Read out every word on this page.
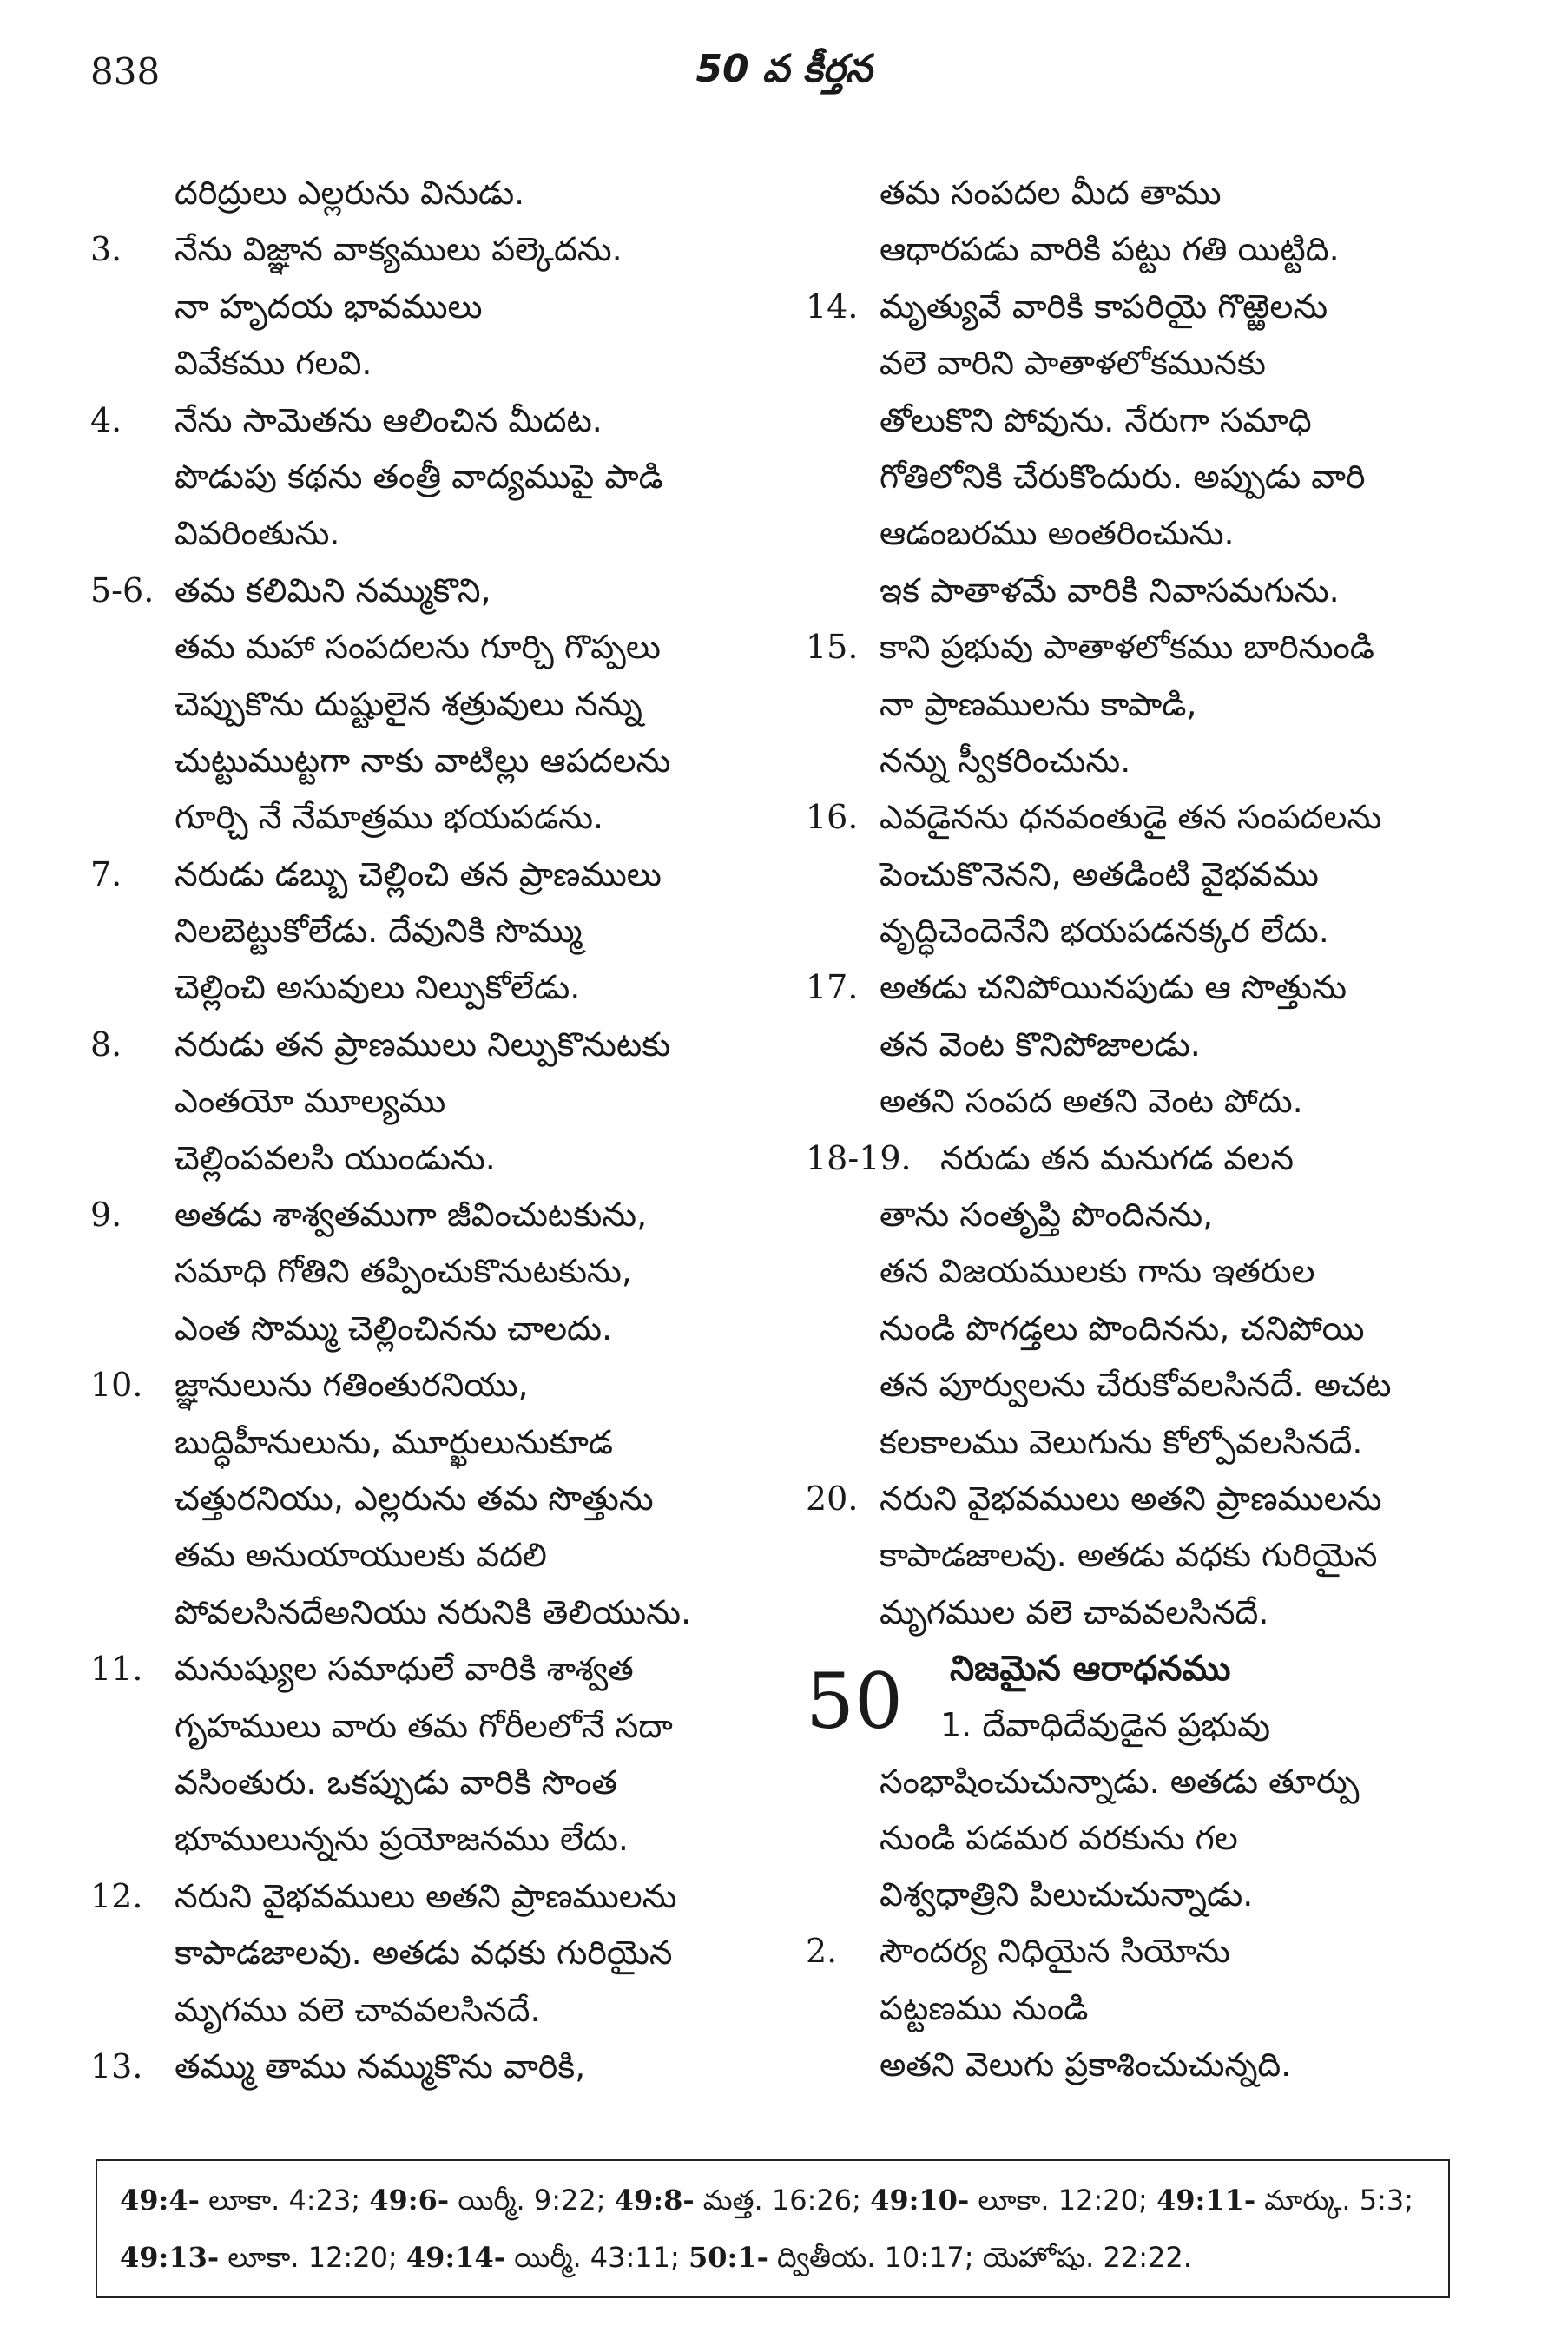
838	50 వ కీర్తన
దరిద్రులు ఎల్లరును వినుడు.
3. నేను విజ్ఞాన వాక్యములు పల్కెదను.
నా హృదయ భావములు
వివేకము గలవి.
4. నేను సామెతను ఆలించిన మీదట.
పొడుపు కథను తంత్రీ వాద్యముపై పాడి
వివరింతును.
5-6. తమ కలిమిని నమ్ముకొని,
తమ మహా సంపదలను గూర్చి గొప్పలు
చెప్పుకొను దుష్టులైన శత్రువులు నన్ను
చుట్టుముట్టగా నాకు వాటిల్లు ఆపదలను
గూర్చి నే నేమాత్రము భయపడను.
7. నరుడు డబ్బు చెల్లించి తన ప్రాణములు
నిలబెట్టుకోలేడు. దేవునికి సొమ్ము
చెల్లించి అసువులు నిల్పుకోలేడు.
8. నరుడు తన ప్రాణములు నిల్పుకొనుటకు
ఎంతయో మూల్యము
చెల్లింపవలసి యుండును.
9. అతడు శాశ్వతముగా జీవించుటకును,
సమాధి గోతిని తప్పించుకొనుటకును,
ఎంత సొమ్ము చెల్లించినను చాలదు.
10. జ్ఞానులును గతింతురనియు,
బుద్ధిహీనులును, మూర్ఖులునుకూడ
చత్తురనియు, ఎల్లరును తమ సొత్తును
తమ అనుయాయులకు వదలి
పోవలసినదేఅనియు నరునికి తెలియును.
11. మనుష్యుల సమాధులే వారికి శాశ్వత
గృహములు వారు తమ గోరీలలోనే సదా
వసింతురు. ఒకప్పుడు వారికి సొంత
భూములున్నను ప్రయోజనము లేదు.
12. నరుని వైభవములు అతని ప్రాణములను
కాపాడజాలవు. అతడు వధకు గురియైన
మృగము వలె చావవలసినదే.
13. తమ్ము తాము నమ్ముకొను వారికి,
తమ సంపదల మీద తాము
ఆధారపడు వారికి పట్టు గతి యిట్టిది.
14. మృత్యువే వారికి కాపరియై గొఱ్ఱెలను
వలె వారిని పాతాళలోకమునకు
తోలుకొని పోవును. నేరుగా సమాధి
గోతిలోనికి చేరుకొందురు. అప్పుడు వారి
ఆడంబరము అంతరించును.
ఇక పాతాళమే వారికి నివాసమగును.
15. కాని ప్రభువు పాతాళలోకము బారినుండి
నా ప్రాణములను కాపాడి,
నన్ను స్వీకరించును.
16. ఎవడైనను ధనవంతుడై తన సంపదలను
పెంచుకొనెనని, అతడింటి వైభవము
వృద్ధిచెందెనేని భయపడనక్కర లేదు.
17. అతడు చనిపోయినపుడు ఆ సొత్తును
తన వెంట కొనిపోజాలడు.
అతని సంపద అతని వెంట పోదు.
18-19. నరుడు తన మనుగడ వలన
తాను సంతృప్తి పొందినను,
తన విజయములకు గాను ఇతరుల
నుండి పొగడ్తలు పొందినను, చనిపోయి
తన పూర్వులను చేరుకోవలసినదే. అచట
కలకాలము వెలుగును కోల్పోవలసినదే.
20. నరుని వైభవములు అతని ప్రాణములను
కాపాడజాలవు. అతడు వధకు గురియైన
మృగముల వలె చావవలసినదే.
50 నిజమైన ఆరాధనము
1. దేవాధిదేవుడైన ప్రభువు
సంభాషించుచున్నాడు. అతడు తూర్పు
నుండి పడమర వరకును గల
విశ్వధాత్రిని పిలుచుచున్నాడు.
2. సౌందర్య నిధియైన సియోను
పట్టణము నుండి
అతని వెలుగు ప్రకాశించుచున్నది.
49:4- లూకా. 4:23; 49:6- యిర్మీ. 9:22; 49:8- మత్త. 16:26; 49:10- లూకా. 12:20; 49:11- మార్కు. 5:3; 49:13- లూకా. 12:20; 49:14- యిర్మీ. 43:11; 50:1- ద్వితీయ. 10:17; యెహోషు. 22:22.
